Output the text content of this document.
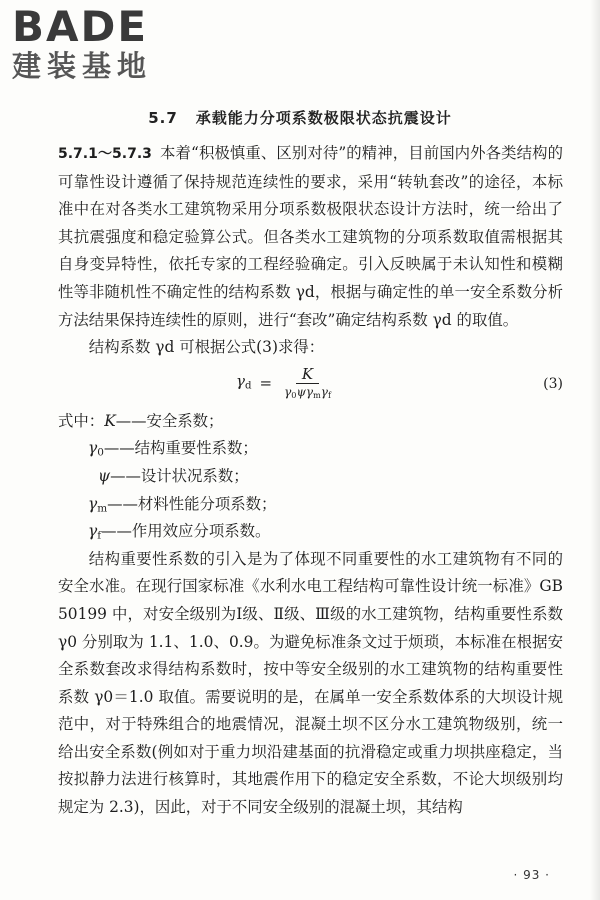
BADE
建装基地
5.7 承载能力分项系数极限状态抗震设计

5.7.1～5.7.3 本着“积极慎重、区别对待”的精神，目前国内外各类结构的可靠性设计遵循了保持规范连续性的要求，采用“转轨套改”的途径，本标准中在对各类水工建筑物采用分项系数极限状态设计方法时，统一给出了其抗震强度和稳定验算公式。但各类水工建筑物的分项系数取值需根据其自身变异特性，依托专家的工程经验确定。引入反映属于未认知性和模糊性等非随机性不确定性的结构系数 γd，根据与确定性的单一安全系数分析方法结果保持连续性的原则，进行“套改”确定结构系数 γd 的取值。

结构系数 γd 可根据公式(3)求得：

$\gamma_d = \frac{K}{\gamma_0\psi\gamma_m\gamma_f}$	(3)
式中：K——安全系数；
$\gamma_0——$结构重要性系数；
ψ——设计状况系数；
$\gamma_m——$材料性能分项系数；
$\gamma_f——$作用效应分项系数。

结构重要性系数的引入是为了体现不同重要性的水工建筑物有不同的安全水准。在现行国家标准《水利水电工程结构可靠性设计统一标准》GB 50199 中，对安全级别为Ⅰ级、Ⅱ级、Ⅲ级的水工建筑物，结构重要性系数 γ0 分别取为 1.1、1.0、0.9。为避免标准条文过于烦琐，本标准在根据安全系数套改求得结构系数时，按中等安全级别的水工建筑物的结构重要性系数 γ0＝1.0 取值。需要说明的是，在属单一安全系数体系的大坝设计规范中，对于特殊组合的地震情况，混凝土坝不区分水工建筑物级别，统一给出安全系数(例如对于重力坝沿建基面的抗滑稳定或重力坝拱座稳定，当按拟静力法进行核算时，其地震作用下的稳定安全系数，不论大坝级别均规定为 2.3)，因此，对于不同安全级别的混凝土坝，其结构

· 93 ·
